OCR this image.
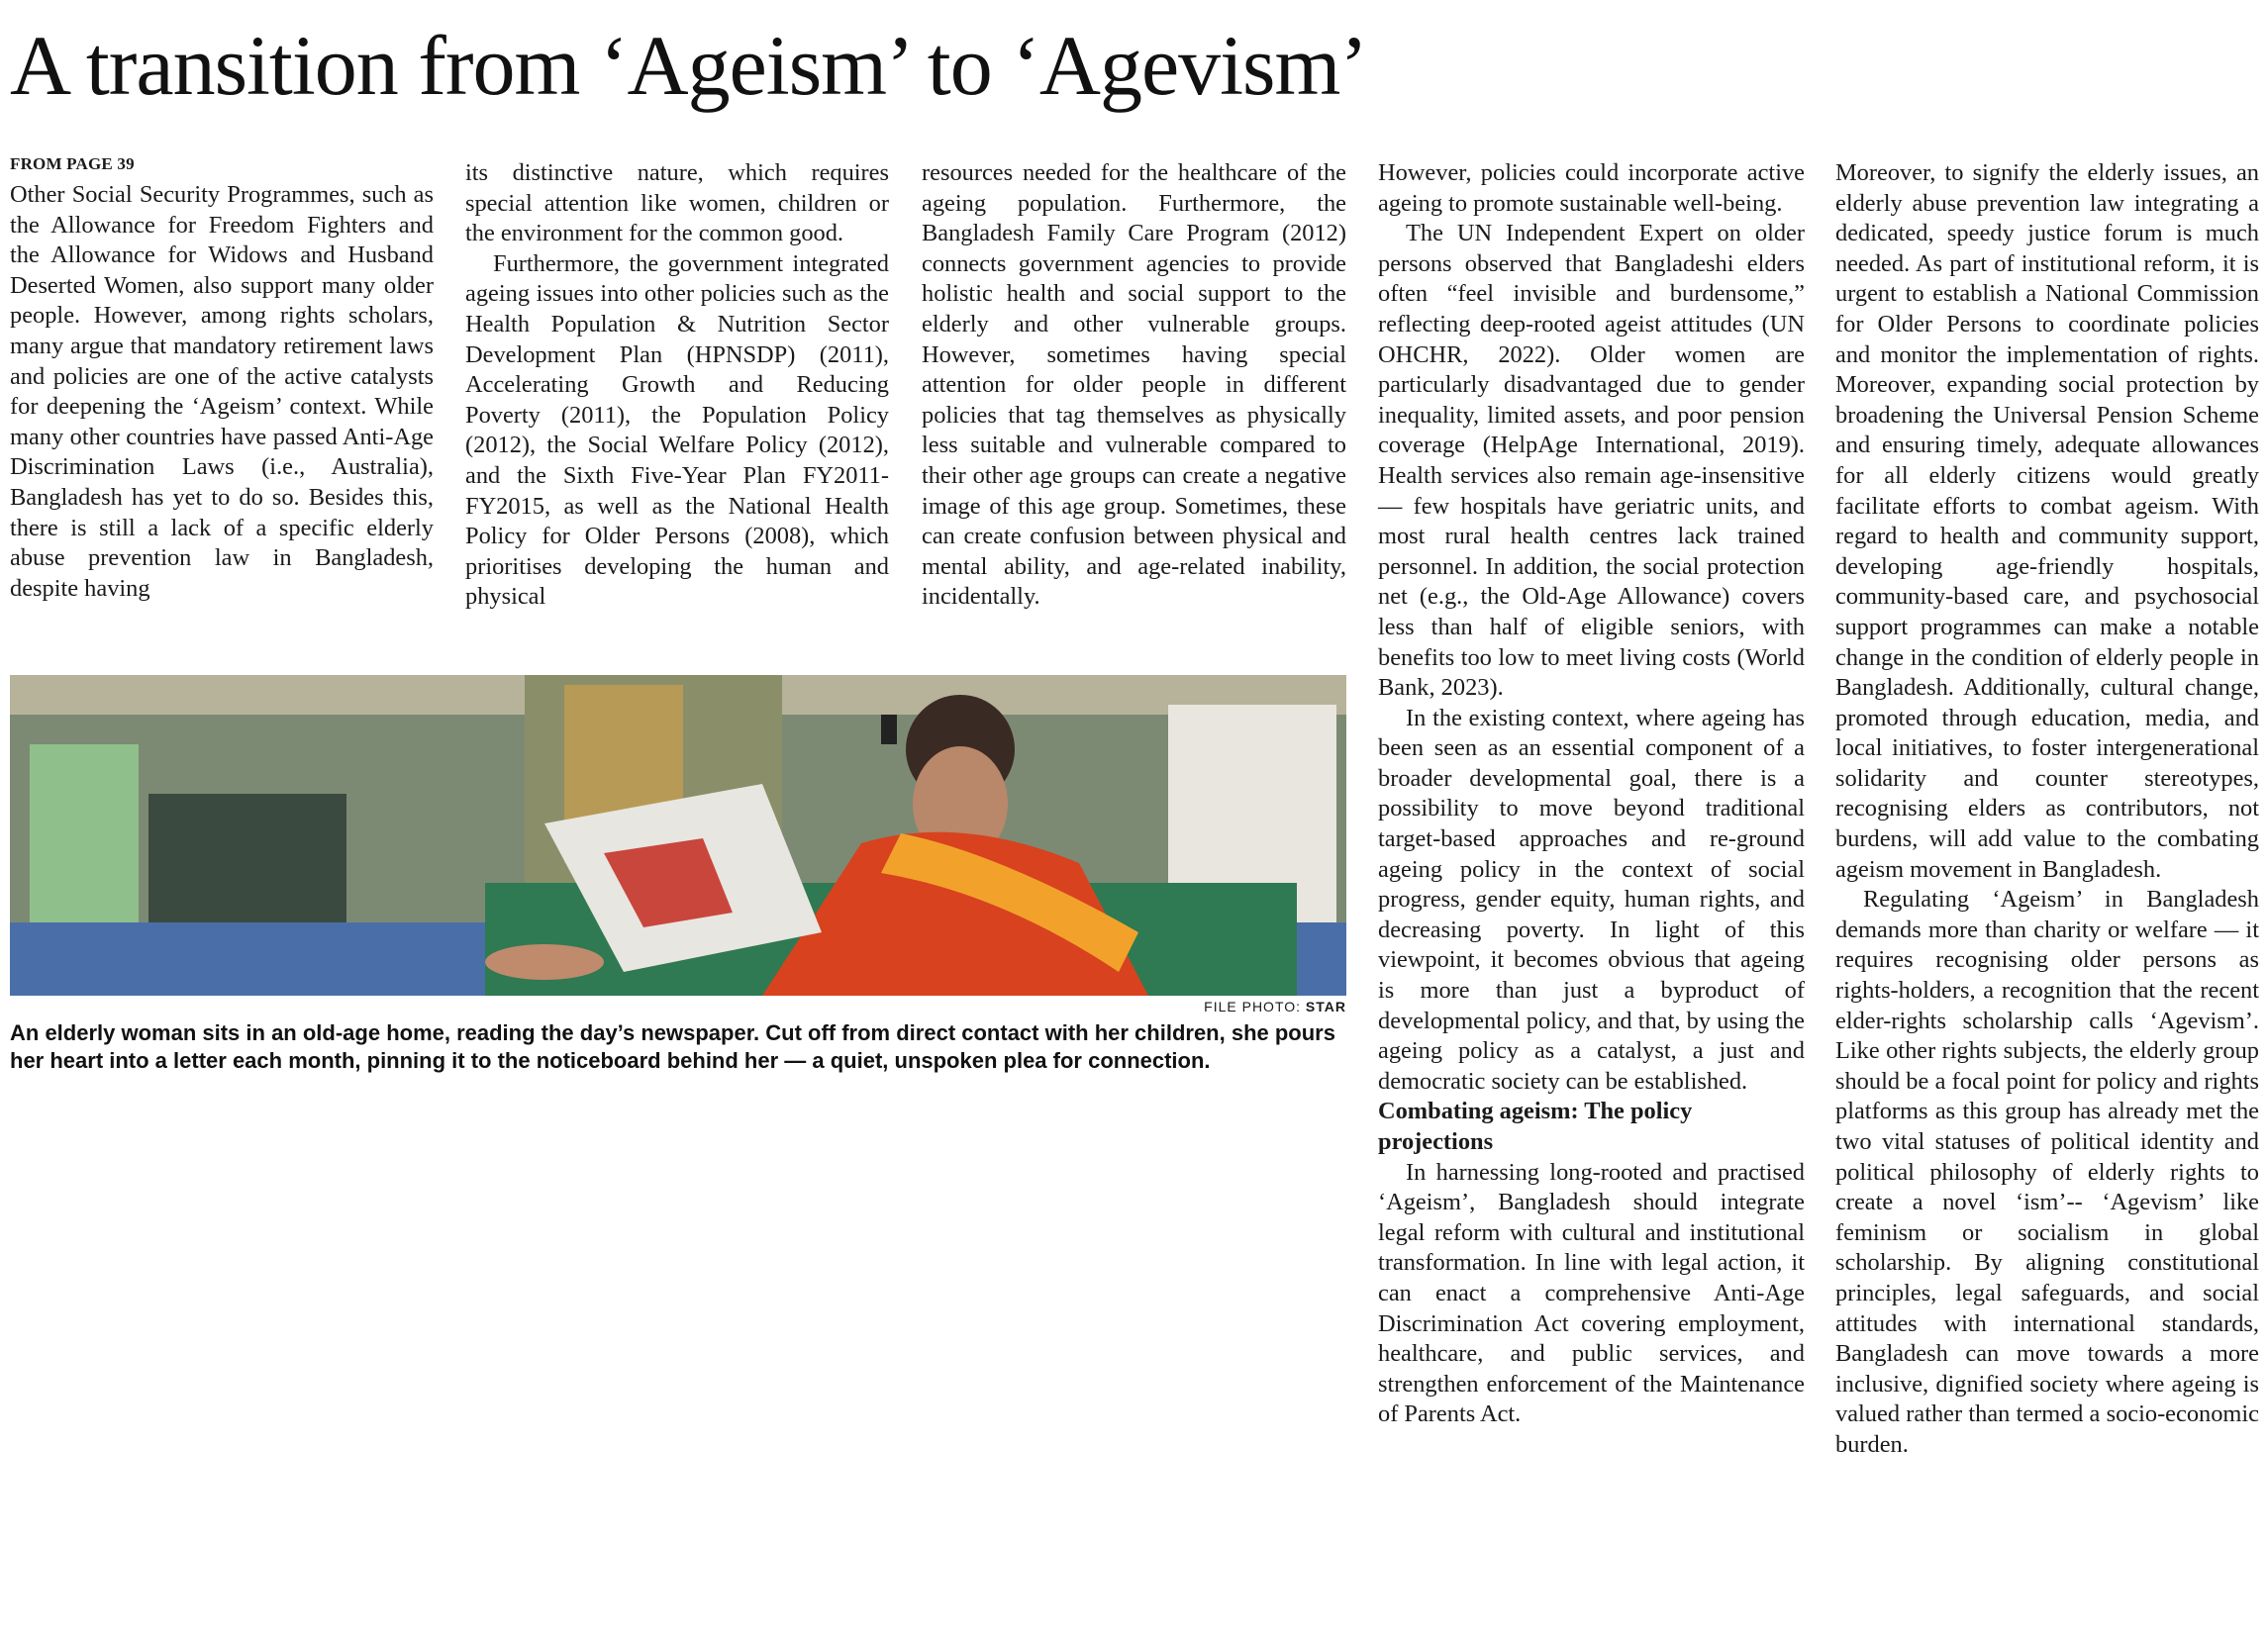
A transition from ‘Ageism’ to ‘Agevism’
FROM PAGE 39

Other Social Security Programmes, such as the Allowance for Freedom Fighters and the Allowance for Widows and Husband Deserted Women, also support many older people. However, among rights scholars, many argue that mandatory retirement laws and policies are one of the active catalysts for deepening the ‘Ageism’ context. While many other countries have passed Anti-Age Discrimination Laws (i.e., Australia), Bangladesh has yet to do so. Besides this, there is still a lack of a specific elderly abuse prevention law in Bangladesh, despite having

its distinctive nature, which requires special attention like women, children or the environment for the common good.

Furthermore, the government integrated ageing issues into other policies such as the Health Population & Nutrition Sector Development Plan (HPNSDP) (2011), Accelerating Growth and Reducing Poverty (2011), the Population Policy (2012), the Social Welfare Policy (2012), and the Sixth Five-Year Plan FY2011-FY2015, as well as the National Health Policy for Older Persons (2008), which prioritises developing the human and physical

resources needed for the healthcare of the ageing population. Furthermore, the Bangladesh Family Care Program (2012) connects government agencies to provide holistic health and social support to the elderly and other vulnerable groups. However, sometimes having special attention for older people in different policies that tag themselves as physically less suitable and vulnerable compared to their other age groups can create a negative image of this age group. Sometimes, these can create confusion between physical and mental ability, and age-related inability, incidentally.

However, policies could incorporate active ageing to promote sustainable well-being.

The UN Independent Expert on older persons observed that Bangladeshi elders often “feel invisible and burdensome,” reflecting deep-rooted ageist attitudes (UN OHCHR, 2022). Older women are particularly disadvantaged due to gender inequality, limited assets, and poor pension coverage (HelpAge International, 2019). Health services also remain age-insensitive — few hospitals have geriatric units, and most rural health centres lack trained personnel. In addition, the social protection net (e.g., the Old-Age Allowance) covers less than half of eligible seniors, with benefits too low to meet living costs (World Bank, 2023).

In the existing context, where ageing has been seen as an essential component of a broader developmental goal, there is a possibility to move beyond traditional target-based approaches and re-ground ageing policy in the context of social progress, gender equity, human rights, and decreasing poverty. In light of this viewpoint, it becomes obvious that ageing is more than just a byproduct of developmental policy, and that, by using the ageing policy as a catalyst, a just and democratic society can be established.

Combating ageism: The policy projections

In harnessing long-rooted and practised ‘Ageism’, Bangladesh should integrate legal reform with cultural and institutional transformation. In line with legal action, it can enact a comprehensive Anti-Age Discrimination Act covering employment, healthcare, and public services, and strengthen enforcement of the Maintenance of Parents Act.

Moreover, to signify the elderly issues, an elderly abuse prevention law integrating a dedicated, speedy justice forum is much needed. As part of institutional reform, it is urgent to establish a National Commission for Older Persons to coordinate policies and monitor the implementation of rights. Moreover, expanding social protection by broadening the Universal Pension Scheme and ensuring timely, adequate allowances for all elderly citizens would greatly facilitate efforts to combat ageism. With regard to health and community support, developing age-friendly hospitals, community-based care, and psychosocial support programmes can make a notable change in the condition of elderly people in Bangladesh. Additionally, cultural change, promoted through education, media, and local initiatives, to foster intergenerational solidarity and counter stereotypes, recognising elders as contributors, not burdens, will add value to the combating ageism movement in Bangladesh.

Regulating ‘Ageism’ in Bangladesh demands more than charity or welfare — it requires recognising older persons as rights-holders, a recognition that the recent elder-rights scholarship calls ‘Agevism’. Like other rights subjects, the elderly group should be a focal point for policy and rights platforms as this group has already met the two vital statuses of political identity and political philosophy of elderly rights to create a novel ‘ism’-- ‘Agevism’ like feminism or socialism in global scholarship. By aligning constitutional principles, legal safeguards, and social attitudes with international standards, Bangladesh can move towards a more inclusive, dignified society where ageing is valued rather than termed a socio-economic burden.

FILE PHOTO: STAR

An elderly woman sits in an old-age home, reading the day’s newspaper. Cut off from direct contact with her children, she pours her heart into a letter each month, pinning it to the noticeboard behind her — a quiet, unspoken plea for connection.
